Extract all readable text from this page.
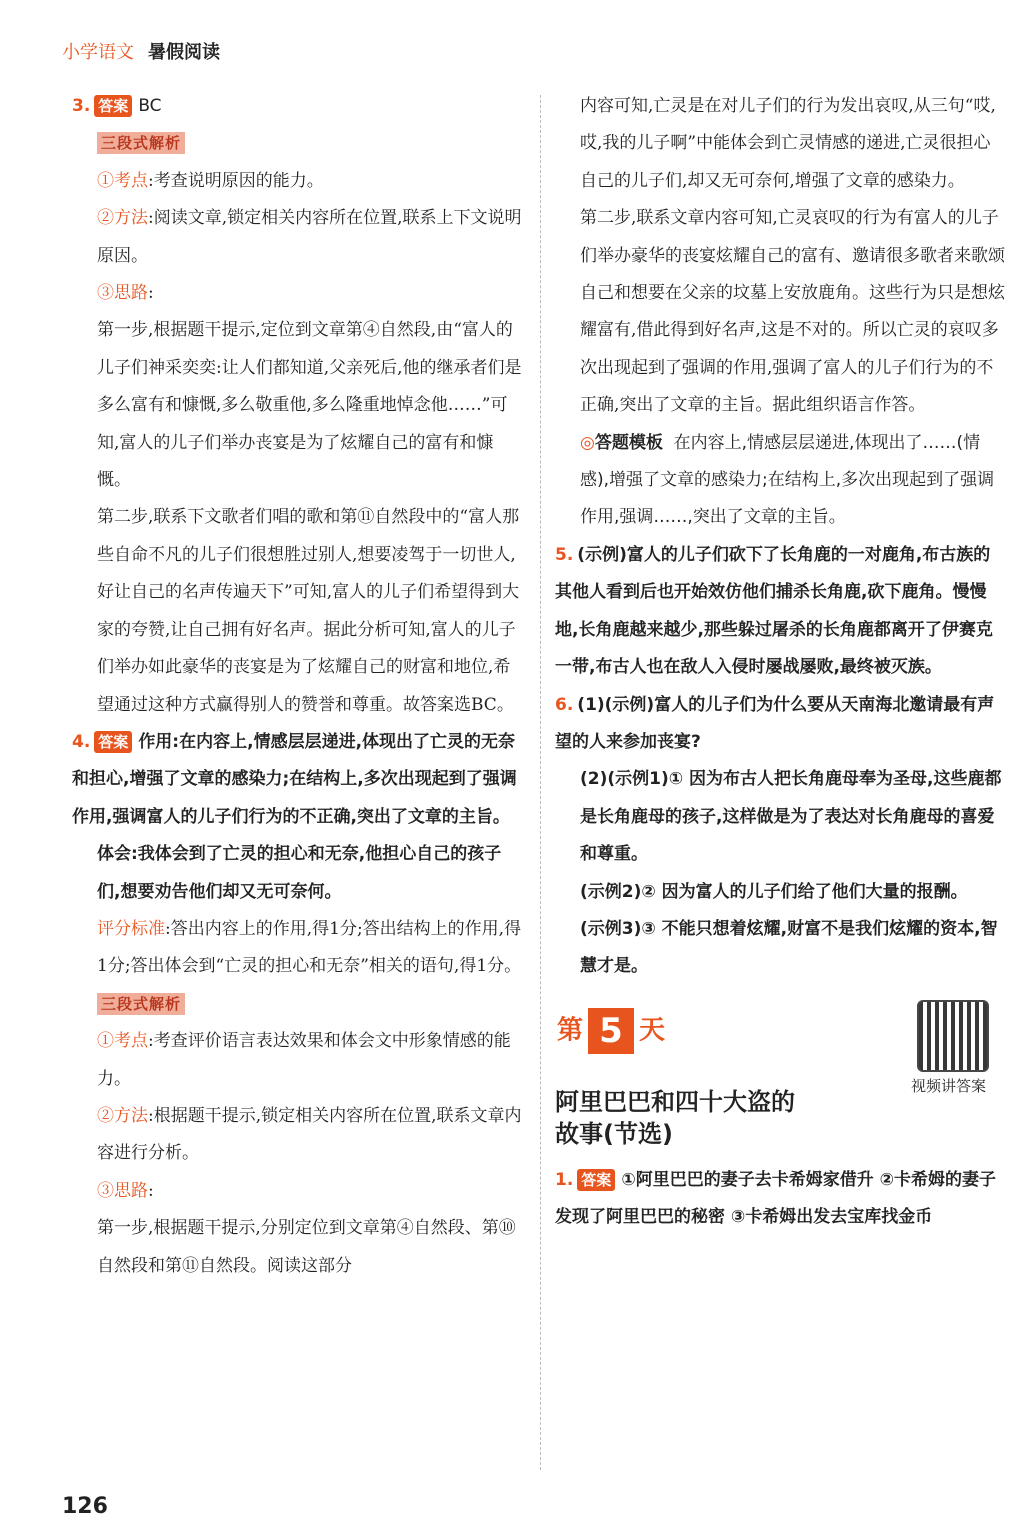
小学语文 暑假阅读

3. 答案 BC

三段式解析

①考点:考查说明原因的能力。

②方法:阅读文章,锁定相关内容所在位置,联系上下文说明原因。

③思路:

第一步,根据题干提示,定位到文章第④自然段,由“富人的儿子们神采奕奕:让人们都知道,父亲死后,他的继承者们是多么富有和慷慨,多么敬重他,多么隆重地悼念他……”可知,富人的儿子们举办丧宴是为了炫耀自己的富有和慷慨。

第二步,联系下文歌者们唱的歌和第⑪自然段中的“富人那些自命不凡的儿子们很想胜过别人,想要凌驾于一切世人,好让自己的名声传遍天下”可知,富人的儿子们希望得到大家的夸赞,让自己拥有好名声。据此分析可知,富人的儿子们举办如此豪华的丧宴是为了炫耀自己的财富和地位,希望通过这种方式赢得别人的赞誉和尊重。故答案选BC。

4. 答案 作用:在内容上,情感层层递进,体现出了亡灵的无奈和担心,增强了文章的感染力;在结构上,多次出现起到了强调作用,强调富人的儿子们行为的不正确,突出了文章的主旨。

体会:我体会到了亡灵的担心和无奈,他担心自己的孩子们,想要劝告他们却又无可奈何。

评分标准:答出内容上的作用,得1分;答出结构上的作用,得1分;答出体会到“亡灵的担心和无奈”相关的语句,得1分。

三段式解析

①考点:考查评价语言表达效果和体会文中形象情感的能力。

②方法:根据题干提示,锁定相关内容所在位置,联系文章内容进行分析。

③思路:

第一步,根据题干提示,分别定位到文章第④自然段、第⑩自然段和第⑪自然段。阅读这部分

内容可知,亡灵是在对儿子们的行为发出哀叹,从三句“哎,哎,我的儿子啊”中能体会到亡灵情感的递进,亡灵很担心自己的儿子们,却又无可奈何,增强了文章的感染力。

第二步,联系文章内容可知,亡灵哀叹的行为有富人的儿子们举办豪华的丧宴炫耀自己的富有、邀请很多歌者来歌颂自己和想要在父亲的坟墓上安放鹿角。这些行为只是想炫耀富有,借此得到好名声,这是不对的。所以亡灵的哀叹多次出现起到了强调的作用,强调了富人的儿子们行为的不正确,突出了文章的主旨。据此组织语言作答。

◎答题模板 在内容上,情感层层递进,体现出了……(情感),增强了文章的感染力;在结构上,多次出现起到了强调作用,强调……,突出了文章的主旨。

5. (示例)富人的儿子们砍下了长角鹿的一对鹿角,布古族的其他人看到后也开始效仿他们捕杀长角鹿,砍下鹿角。慢慢地,长角鹿越来越少,那些躲过屠杀的长角鹿都离开了伊赛克一带,布古人也在敌人入侵时屡战屡败,最终被灭族。

6. (1)(示例)富人的儿子们为什么要从天南海北邀请最有声望的人来参加丧宴?

(2)(示例1)① 因为布古人把长角鹿母奉为圣母,这些鹿都是长角鹿母的孩子,这样做是为了表达对长角鹿母的喜爱和尊重。

(示例2)② 因为富人的儿子们给了他们大量的报酬。

(示例3)③ 不能只想着炫耀,财富不是我们炫耀的资本,智慧才是。

第 5 天
视频讲答案
阿里巴巴和四十大盗的
故事(节选)

1. 答案 ①阿里巴巴的妻子去卡希姆家借升 ②卡希姆的妻子发现了阿里巴巴的秘密 ③卡希姆出发去宝库找金币

126
